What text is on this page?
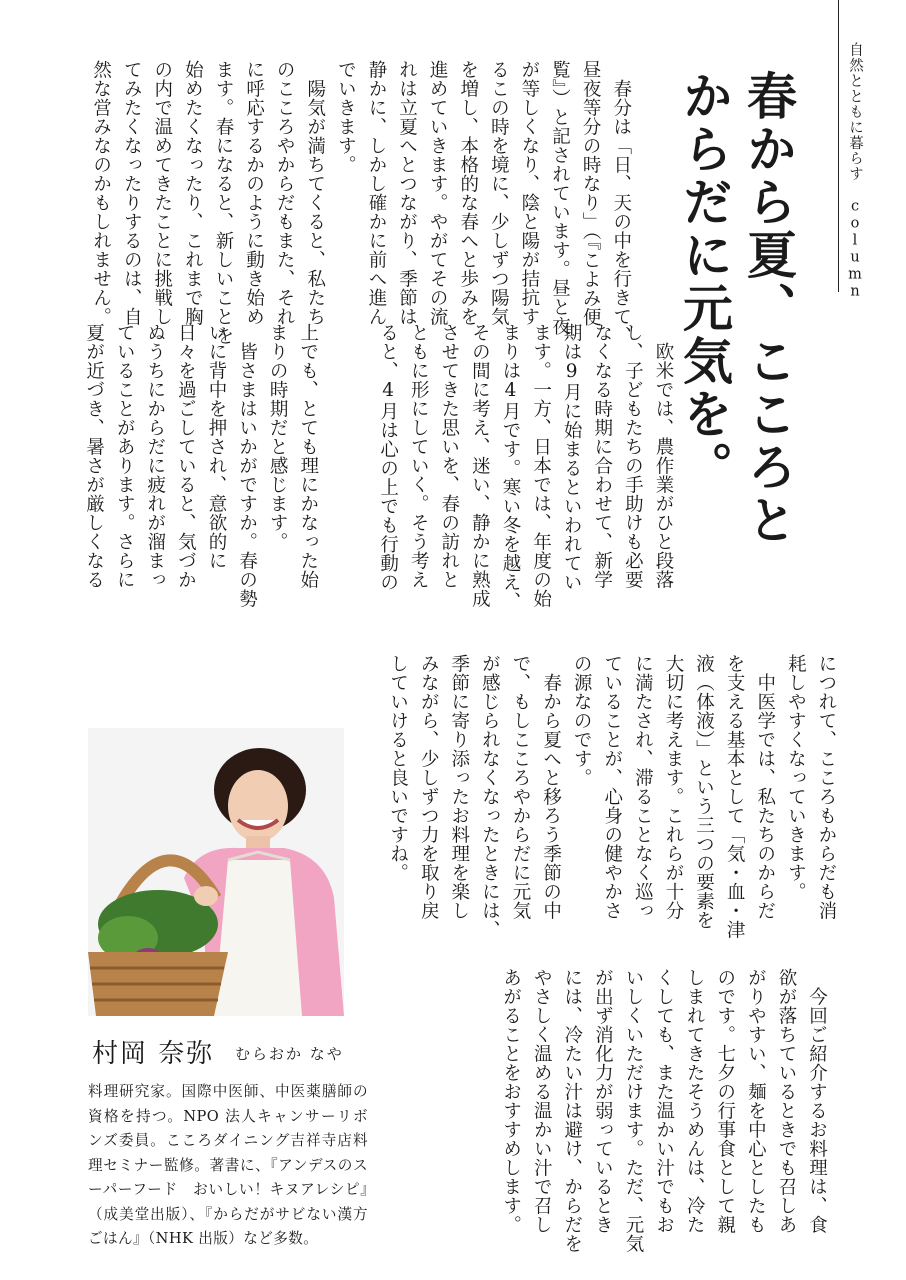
自然とともに暮らす column
春から夏、こころと
からだに元気を。
　春分は「日、天の中を行きて、
昼夜等分の時なり」（『こよみ便
覧』）と記されています。昼と夜
が等しくなり、陰と陽が拮抗す
るこの時を境に、少しずつ陽気
を増し、本格的な春へと歩みを
進めていきます。やがてその流
れは立夏へとつながり、季節は
静かに、しかし確かに前へ進ん
でいきます。
　陽気が満ちてくると、私たち
のこころやからだもまた、それ
に呼応するかのように動き始め
ます。春になると、新しいことを
始めたくなったり、これまで胸
の内で温めてきたことに挑戦し
てみたくなったりするのは、自
然な営みなのかもしれません。
　欧米では、農作業がひと段落
し、子どもたちの手助けも必要
なくなる時期に合わせて、新学
期は9月に始まるといわれてい
ます。一方、日本では、年度の始
まりは4月です。寒い冬を越え、
その間に考え、迷い、静かに熟成
させてきた思いを、春の訪れと
ともに形にしていく。そう考え
ると、4月は心の上でも行動の
上でも、とても理にかなった始
まりの時期だと感じます。
　皆さまはいかがですか。春の勢
いに背中を押され、意欲的に
日々を過ごしていると、気づか
ぬうちにからだに疲れが溜まっ
ていることがあります。さらに
夏が近づき、暑さが厳しくなる
につれて、こころもからだも消
耗しやすくなっていきます。
　中医学では、私たちのからだ
を支える基本として「気・血・津
液（体液）」という三つの要素を
大切に考えます。これらが十分
に満たされ、滞ることなく巡っ
ていることが、心身の健やかさ
の源なのです。
　春から夏へと移ろう季節の中
で、もしこころやからだに元気
が感じられなくなったときには、
季節に寄り添ったお料理を楽し
みながら、少しずつ力を取り戻
していけると良いですね。
　今回ご紹介するお料理は、食
欲が落ちているときでも召しあ
がりやすい、麺を中心としたも
のです。七夕の行事食として親
しまれてきたそうめんは、冷た
くしても、また温かい汁でもお
いしくいただけます。ただ、元気
が出ず消化力が弱っているとき
には、冷たい汁は避け、からだを
やさしく温める温かい汁で召し
あがることをおすすめします。
村岡 奈弥 むらおか なや
料理研究家。国際中医師、中医薬膳師の資格を持つ。NPO 法人キャンサーリボンズ委員。こころダイニング吉祥寺店料理セミナー監修。著書に、『アンデスのスーパーフード　おいしい！キヌアレシピ』（成美堂出版）、『からだがサビない漢方ごはん』（NHK 出版）など多数。
